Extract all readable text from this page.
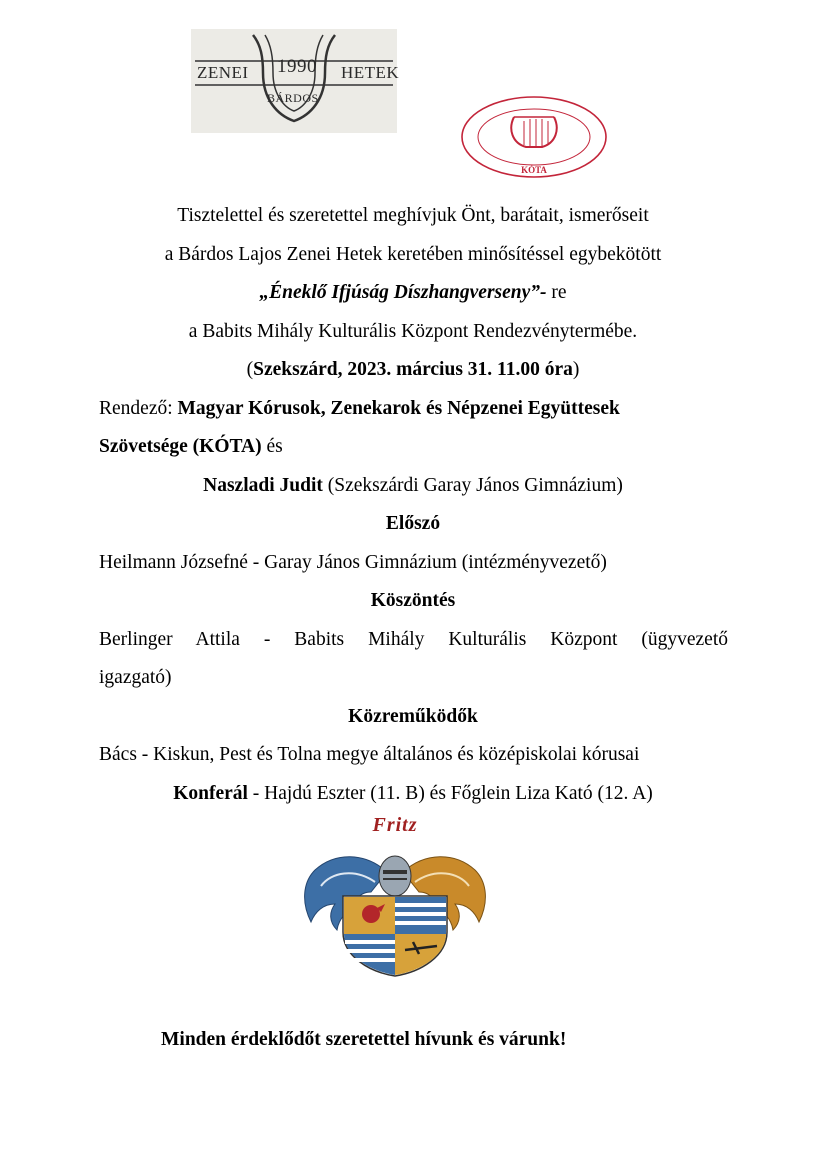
ZENEI 1990 HETEK
BÁRDOS
KÓTA
Tisztelettel és szeretettel meghívjuk Önt, barátait, ismerőseit
a Bárdos Lajos Zenei Hetek keretében minősítéssel egybekötött
„Éneklő Ifjúság Díszhangverseny”- re
a Babits Mihály Kulturális Központ Rendezvénytermébe.
(Szekszárd, 2023. március 31. 11.00 óra)
Rendező: Magyar Kórusok, Zenekarok és Népzenei Együttesek
Szövetsége (KÓTA) és
Naszladi Judit (Szekszárdi Garay János Gimnázium)
Előszó
Heilmann Józsefné - Garay János Gimnázium (intézményvezető)
Köszöntés
Berlinger Attila - Babits Mihály Kulturális Központ (ügyvezető
igazgató)
Közreműködők
Bács - Kiskun, Pest és Tolna megye általános és középiskolai kórusai
Konferál - Hajdú Eszter (11. B) és Főglein Liza Kató (12. A)
Fritz
Minden érdeklődőt szeretettel hívunk és várunk!
